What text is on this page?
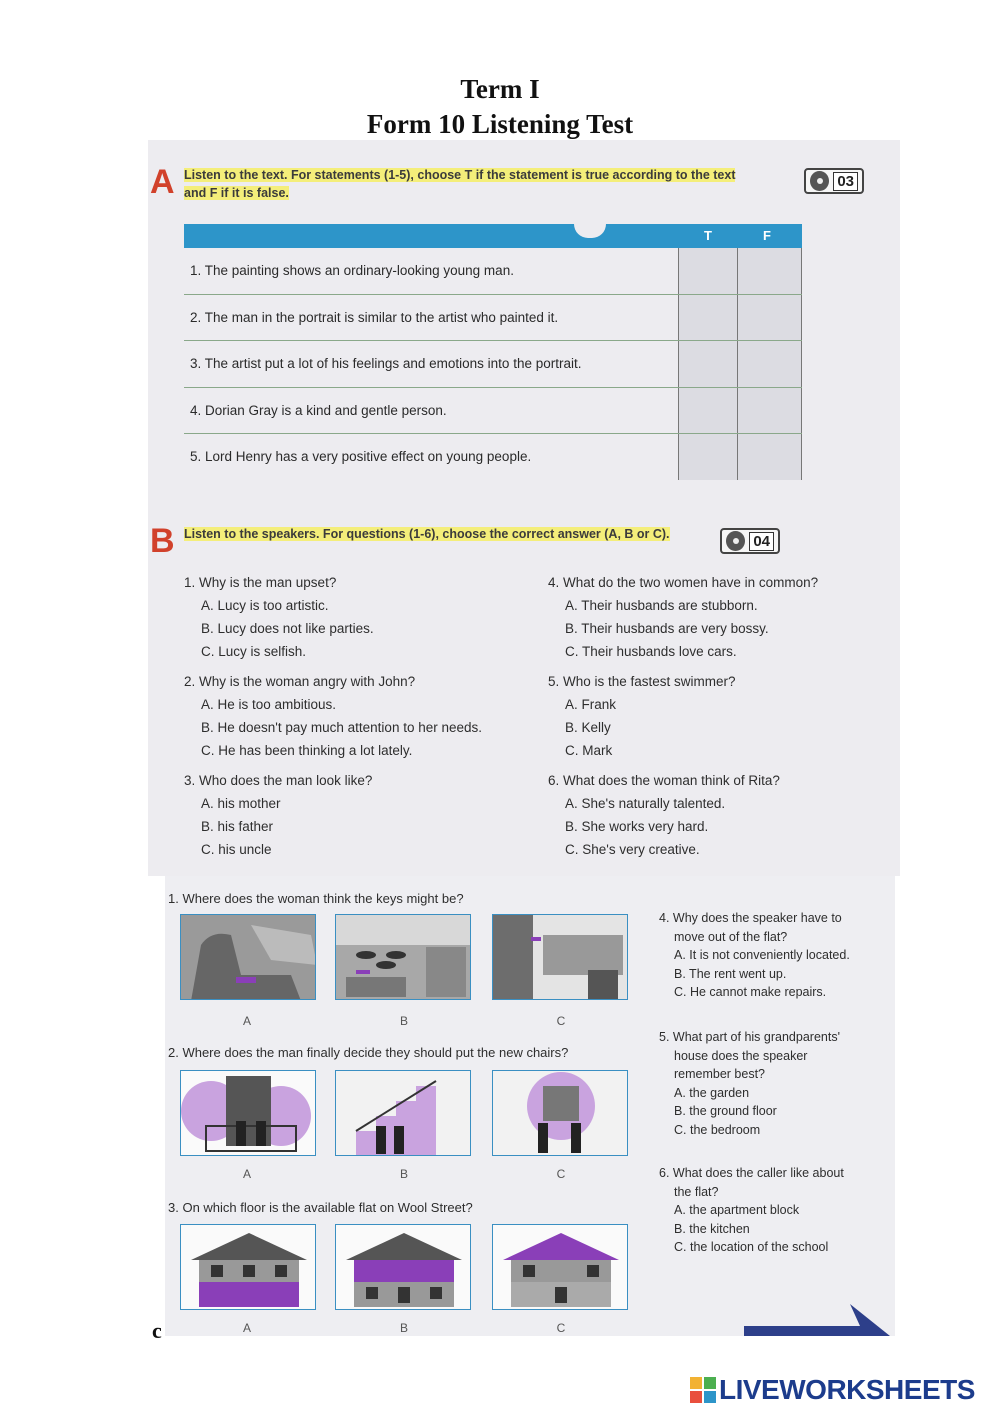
Term I
Form 10 Listening Test
A Listen to the text. For statements (1-5), choose T if the statement is true according to the text
and F if it is false.
03
T	F
1. The painting shows an ordinary-looking young man.
2. The man in the portrait is similar to the artist who painted it.
3. The artist put a lot of his feelings and emotions into the portrait.
4. Dorian Gray is a kind and gentle person.
5. Lord Henry has a very positive effect on young people.
B Listen to the speakers. For questions (1-6), choose the correct answer (A, B or C).	04
1. Why is the man upset?
A. Lucy is too artistic.
B. Lucy does not like parties.
C. Lucy is selfish.
2. Why is the woman angry with John?
A. He is too ambitious.
B. He doesn't pay much attention to her needs.
C. He has been thinking a lot lately.
3. Who does the man look like?
A. his mother
B. his father
C. his uncle
4. What do the two women have in common?
A. Their husbands are stubborn.
B. Their husbands are very bossy.
C. Their husbands love cars.
5. Who is the fastest swimmer?
A. Frank
B. Kelly
C. Mark
6. What does the woman think of Rita?
A. She's naturally talented.
B. She works very hard.
C. She's very creative.
1. Where does the woman think the keys might be?
A	B	C
2. Where does the man finally decide they should put the new chairs?
A	B	C
3. On which floor is the available flat on Wool Street?
A	B	C
4. Why does the speaker have to
move out of the flat?
A. It is not conveniently located.
B. The rent went up.
C. He cannot make repairs.
5. What part of his grandparents'
house does the speaker
remember best?
A. the garden
B. the ground floor
C. the bedroom
6. What does the caller like about
the flat?
A. the apartment block
B. the kitchen
C. the location of the school
c
LIVEWORKSHEETS
